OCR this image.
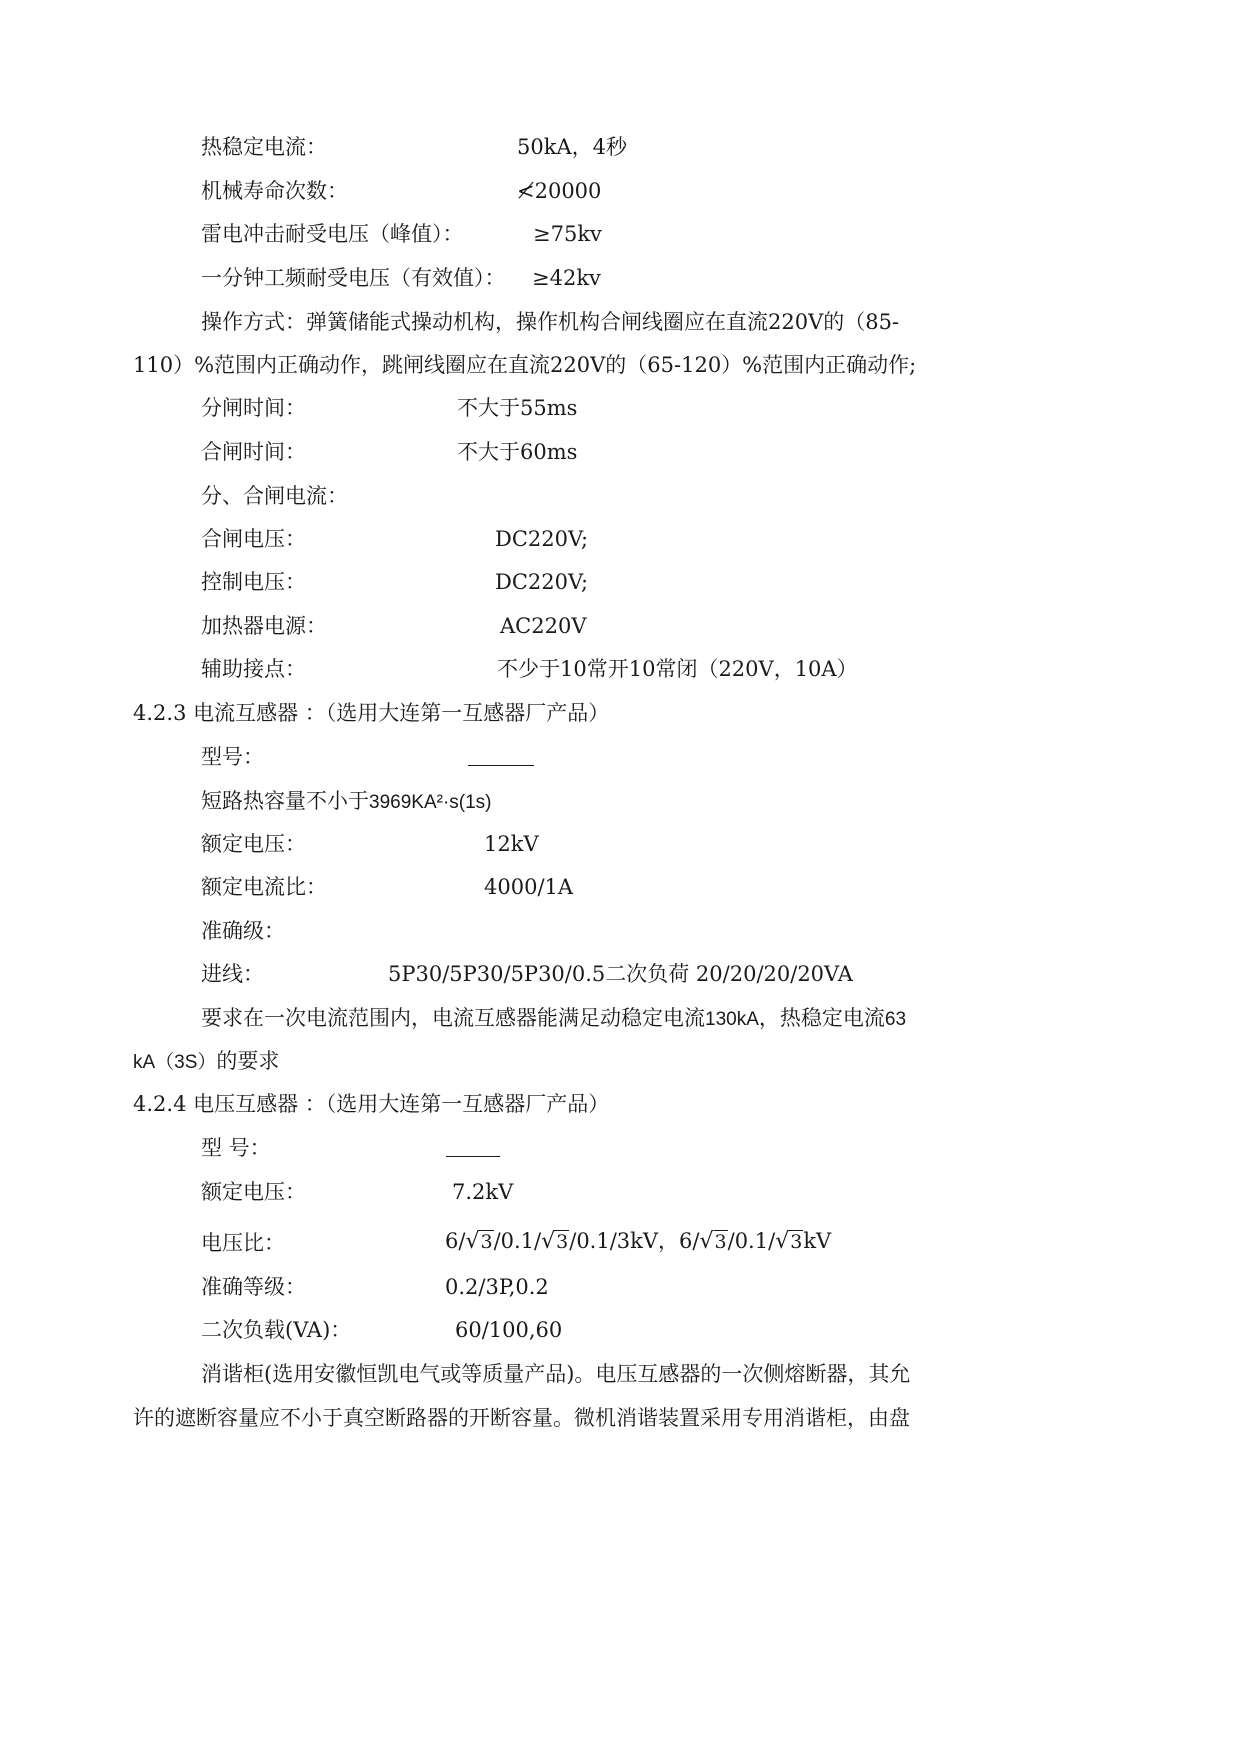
热稳定电流：	50kA，4秒
机械寿命次数：	≮20000
雷电冲击耐受电压（峰值）：	≥75kv
一分钟工频耐受电压（有效值）： ≥42kv
操作方式：弹簧储能式操动机构，操作机构合闸线圈应在直流220V的（85-
110）%范围内正确动作，跳闸线圈应在直流220V的（65-120）%范围内正确动作;
分闸时间：	不大于55ms
合闸时间：	不大于60ms
分、合闸电流：
合闸电压：	DC220V;
控制电压：	DC220V;
加热器电源：	AC220V
辅助接点：	不少于10常开10常闭（220V，10A）
4.2.3 电流互感器 ：（选用大连第一互感器厂产品）
型号：
短路热容量不小于3969KA²·s(1s)
额定电压：	12kV
额定电流比：	4000/1A
准确级：
进线：	5P30/5P30/5P30/0.5二次负荷 20/20/20/20VA
要求在一次电流范围内，电流互感器能满足动稳定电流130kA，热稳定电流63
kA（3S）的要求
4.2.4 电压互感器 ：（选用大连第一互感器厂产品）
型 号：
额定电压：	7.2kV
电压比：	6/√3/0.1/√3/0.1/3kV，6/√3/0.1/√3kV
准确等级：	0.2/3P,0.2
二次负载(VA)：	60/100,60
消谐柜(选用安徽恒凯电气或等质量产品)。电压互感器的一次侧熔断器，其允
许的遮断容量应不小于真空断路器的开断容量。微机消谐装置采用专用消谐柜，由盘
